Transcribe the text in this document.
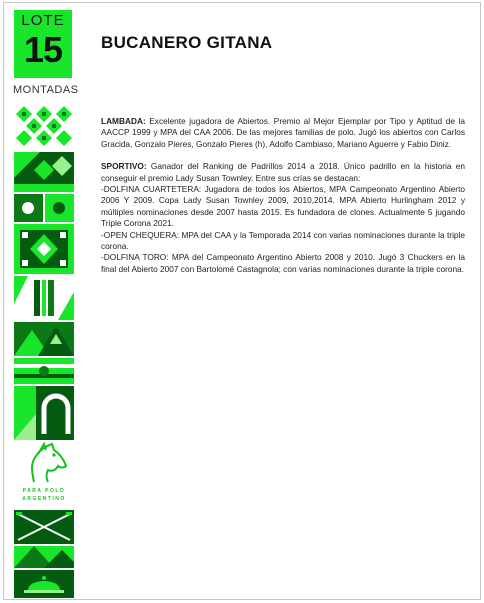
LOTE
15
MONTADAS
BUCANERO GITANA

LAMBADA: Excelente jugadora de Abiertos. Premio al Mejor Ejemplar por Tipo y Aptitud de la AACCP 1999 y MPA del CAA 2006. De las mejores familias de polo. Jugó los abiertos con Carlos Gracida, Gonzalo Pieres, Gonzalo Pieres (h), Adolfo Cambiaso, Mariano Aguerre y Fabio Diniz.

SPORTIVO: Ganador del Ranking de Padrillos 2014 a 2018. Único padrillo en la historia en conseguir el premio Lady Susan Townley. Entre sus crías se destacan:

-DOLFINA CUARTETERA: Jugadora de todos los Abiertos, MPA Campeonato Argentino Abierto 2006 Y 2009. Copa Lady Susan Townley 2009, 2010,2014. MPA Abierto Hurlingham 2012 y múltiples nominaciones desde 2007 hasta 2015. Es fundadora de clones. Actualmente 5 jugando Triple Corona 2021.

-OPEN CHEQUERA: MPA del CAA y la Temporada 2014 con varias nominaciones durante la triple corona.

-DOLFINA TORO: MPA del Campeonato Argentino Abierto 2008 y 2010. Jugó 3 Chuckers en la final del Abierto 2007 con Bartolomé Castagnola; con varias nominaciones durante la triple corona.

PARA POLO
ARGENTINO
